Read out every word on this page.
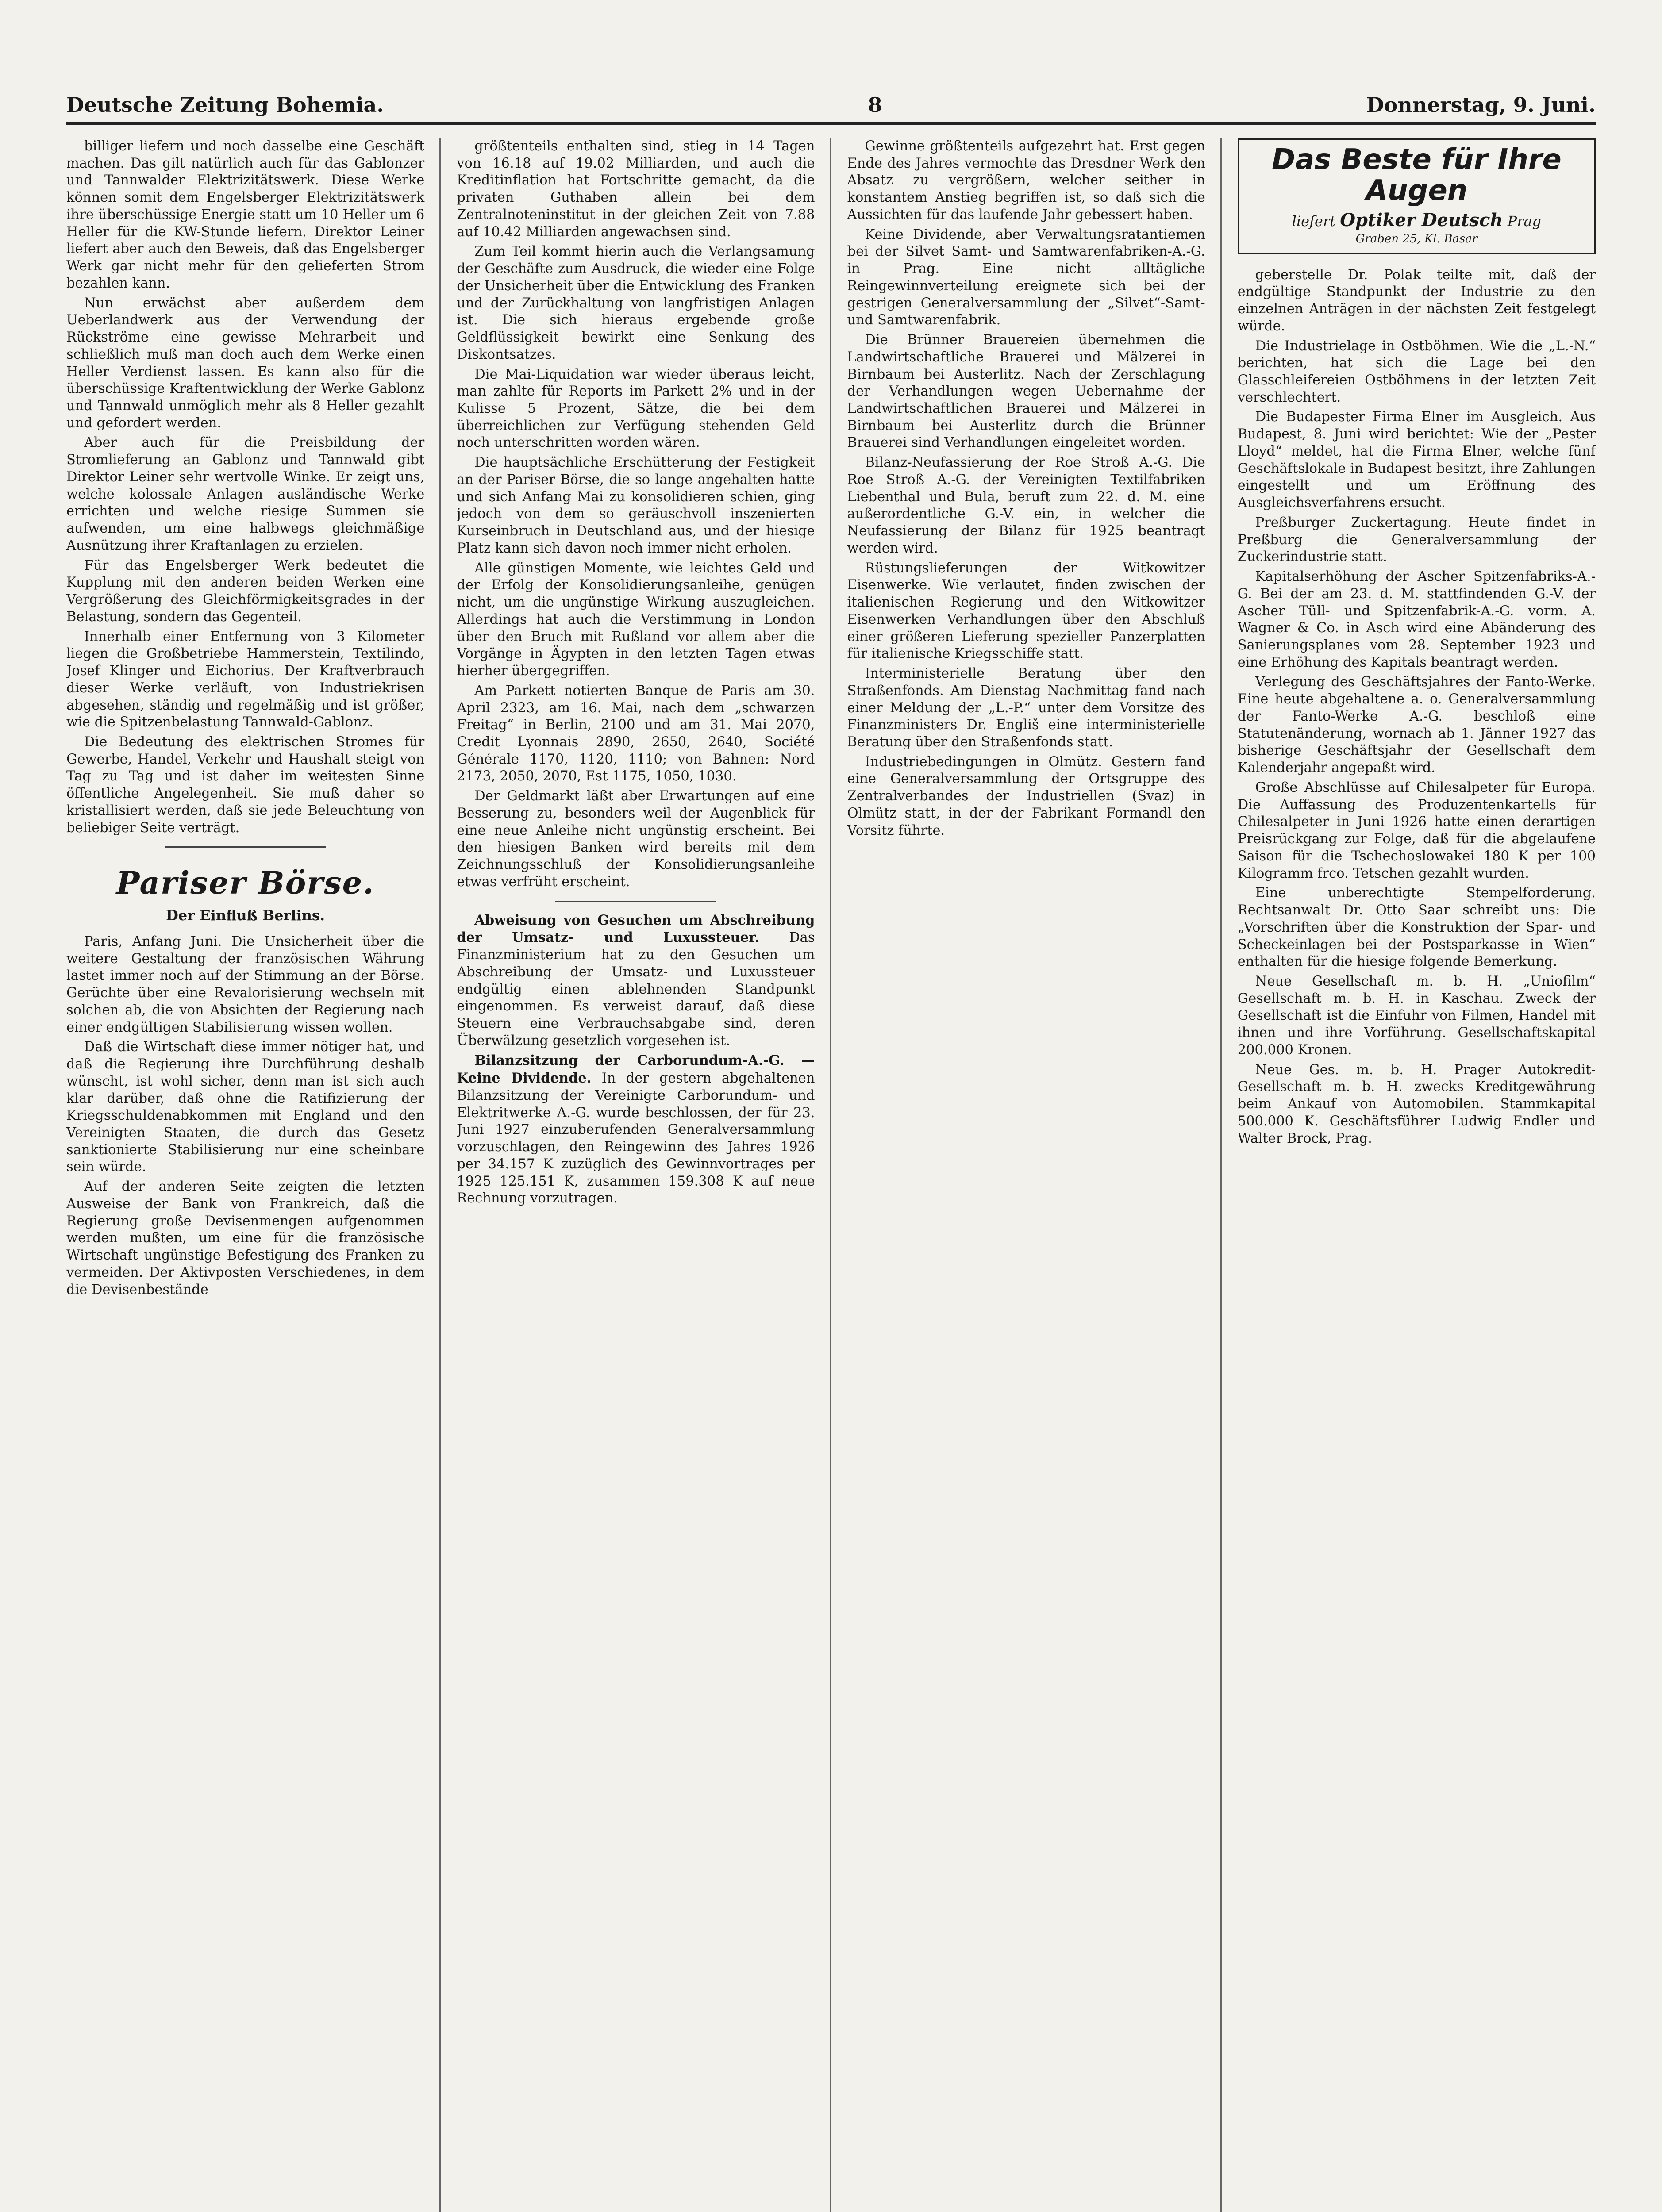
Deutsche Zeitung Bohemia.	8	Donnerstag, 9. Juni.

billiger liefern und noch dasselbe eine Geschäft machen. Das gilt natürlich auch für das Gablonzer und Tannwalder Elektrizitätswerk. Diese Werke können somit dem Engelsberger Elektrizitätswerk ihre überschüssige Energie statt um 10 Heller um 6 Heller für die KW-Stunde liefern. Direktor Leiner liefert aber auch den Beweis, daß das Engelsberger Werk gar nicht mehr für den gelieferten Strom bezahlen kann.

Nun erwächst aber außerdem dem Ueberlandwerk aus der Verwendung der Rückströme eine gewisse Mehrarbeit und schließlich muß man doch auch dem Werke einen Heller Verdienst lassen. Es kann also für die überschüssige Kraftentwicklung der Werke Gablonz und Tannwald unmöglich mehr als 8 Heller gezahlt und gefordert werden.

Aber auch für die Preisbildung der Stromlieferung an Gablonz und Tannwald gibt Direktor Leiner sehr wertvolle Winke. Er zeigt uns, welche kolossale Anlagen ausländische Werke errichten und welche riesige Summen sie aufwenden, um eine halbwegs gleichmäßige Ausnützung ihrer Kraftanlagen zu erzielen.

Für das Engelsberger Werk bedeutet die Kupplung mit den anderen beiden Werken eine Vergrößerung des Gleichförmigkeitsgrades in der Belastung, sondern das Gegenteil.

Innerhalb einer Entfernung von 3 Kilometer liegen die Großbetriebe Hammerstein, Textilindo, Josef Klinger und Eichorius. Der Kraftverbrauch dieser Werke verläuft, von Industriekrisen abgesehen, ständig und regelmäßig und ist größer, wie die Spitzenbelastung Tannwald-Gablonz.

Die Bedeutung des elektrischen Stromes für Gewerbe, Handel, Verkehr und Haushalt steigt von Tag zu Tag und ist daher im weitesten Sinne öffentliche Angelegenheit. Sie muß daher so kristallisiert werden, daß sie jede Beleuchtung von beliebiger Seite verträgt.

Pariser Börse.
Der Einfluß Berlins.

Paris, Anfang Juni. Die Unsicherheit über die weitere Gestaltung der französischen Währung lastet immer noch auf der Stimmung an der Börse. Gerüchte über eine Revalorisierung wechseln mit solchen ab, die von Absichten der Regierung nach einer endgültigen Stabilisierung wissen wollen.

Daß die Wirtschaft diese immer nötiger hat, und daß die Regierung ihre Durchführung deshalb wünscht, ist wohl sicher, denn man ist sich auch klar darüber, daß ohne die Ratifizierung der Kriegsschuldenabkommen mit England und den Vereinigten Staaten, die durch das Gesetz sanktionierte Stabilisierung nur eine scheinbare sein würde.

Auf der anderen Seite zeigten die letzten Ausweise der Bank von Frankreich, daß die Regierung große Devisenmengen aufgenommen werden mußten, um eine für die französische Wirtschaft ungünstige Befestigung des Franken zu vermeiden. Der Aktivposten Verschiedenes, in dem die Devisenbestände

größtenteils enthalten sind, stieg in 14 Tagen von 16.18 auf 19.02 Milliarden, und auch die Kreditinflation hat Fortschritte gemacht, da die privaten Guthaben allein bei dem Zentralnoteninstitut in der gleichen Zeit von 7.88 auf 10.42 Milliarden angewachsen sind.

Zum Teil kommt hierin auch die Verlangsamung der Geschäfte zum Ausdruck, die wieder eine Folge der Unsicherheit über die Entwicklung des Franken und der Zurückhaltung von langfristigen Anlagen ist. Die sich hieraus ergebende große Geldflüssigkeit bewirkt eine Senkung des Diskontsatzes.

Die Mai-Liquidation war wieder überaus leicht, man zahlte für Reports im Parkett 2% und in der Kulisse 5 Prozent, Sätze, die bei dem überreichlichen zur Verfügung stehenden Geld noch unterschritten worden wären.

Die hauptsächliche Erschütterung der Festigkeit an der Pariser Börse, die so lange angehalten hatte und sich Anfang Mai zu konsolidieren schien, ging jedoch von dem so geräuschvoll inszenierten Kurseinbruch in Deutschland aus, und der hiesige Platz kann sich davon noch immer nicht erholen.

Alle günstigen Momente, wie leichtes Geld und der Erfolg der Konsolidierungsanleihe, genügen nicht, um die ungünstige Wirkung auszugleichen. Allerdings hat auch die Verstimmung in London über den Bruch mit Rußland vor allem aber die Vorgänge in Ägypten in den letzten Tagen etwas hierher übergegriffen.

Am Parkett notierten Banque de Paris am 30. April 2323, am 16. Mai, nach dem „schwarzen Freitag“ in Berlin, 2100 und am 31. Mai 2070, Credit Lyonnais 2890, 2650, 2640, Société Générale 1170, 1120, 1110; von Bahnen: Nord 2173, 2050, 2070, Est 1175, 1050, 1030.

Der Geldmarkt läßt aber Erwartungen auf eine Besserung zu, besonders weil der Augenblick für eine neue Anleihe nicht ungünstig erscheint. Bei den hiesigen Banken wird bereits mit dem Zeichnungsschluß der Konsolidierungsanleihe etwas verfrüht erscheint.

Abweisung von Gesuchen um Abschreibung der Umsatz- und Luxussteuer. Das Finanzministerium hat zu den Gesuchen um Abschreibung der Umsatz- und Luxussteuer endgültig einen ablehnenden Standpunkt eingenommen. Es verweist darauf, daß diese Steuern eine Verbrauchsabgabe sind, deren Überwälzung gesetzlich vorgesehen ist.

Bilanzsitzung der Carborundum-A.-G. — Keine Dividende. In der gestern abgehaltenen Bilanzsitzung der Vereinigte Carborundum- und Elektritwerke A.-G. wurde beschlossen, der für 23. Juni 1927 einzuberufenden Generalversammlung vorzuschlagen, den Reingewinn des Jahres 1926 per 34.157 K zuzüglich des Gewinnvortrages per 1925 125.151 K, zusammen 159.308 K auf neue Rechnung vorzutragen.

Gewinne größtenteils aufgezehrt hat. Erst gegen Ende des Jahres vermochte das Dresdner Werk den Absatz zu vergrößern, welcher seither in konstantem Anstieg begriffen ist, so daß sich die Aussichten für das laufende Jahr gebessert haben.

Keine Dividende, aber Verwaltungsratantiemen bei der Silvet Samt- und Samtwarenfabriken-A.-G. in Prag. Eine nicht alltägliche Reingewinnverteilung ereignete sich bei der gestrigen Generalversammlung der „Silvet“-Samt- und Samtwarenfabrik.

Die Brünner Brauereien übernehmen die Landwirtschaftliche Brauerei und Mälzerei in Birnbaum bei Austerlitz. Nach der Zerschlagung der Verhandlungen wegen Uebernahme der Landwirtschaftlichen Brauerei und Mälzerei in Birnbaum bei Austerlitz durch die Brünner Brauerei sind Verhandlungen eingeleitet worden.

Bilanz-Neufassierung der Roe Stroß A.-G. Die Roe Stroß A.-G. der Vereinigten Textilfabriken Liebenthal und Bula, beruft zum 22. d. M. eine außerordentliche G.-V. ein, in welcher die Neufassierung der Bilanz für 1925 beantragt werden wird.

Rüstungslieferungen der Witkowitzer Eisenwerke. Wie verlautet, finden zwischen der italienischen Regierung und den Witkowitzer Eisenwerken Verhandlungen über den Abschluß einer größeren Lieferung spezieller Panzerplatten für italienische Kriegsschiffe statt.

Interministerielle Beratung über den Straßenfonds. Am Dienstag Nachmittag fand nach einer Meldung der „L.-P.“ unter dem Vorsitze des Finanzministers Dr. Engliš eine interministerielle Beratung über den Straßenfonds statt.

Industriebedingungen in Olmütz. Gestern fand eine Generalversammlung der Ortsgruppe des Zentralverbandes der Industriellen (Svaz) in Olmütz statt, in der der Fabrikant Formandl den Vorsitz führte.

Das Beste für Ihre Augen
liefert Optiker Deutsch Prag
Graben 25, Kl. Basar

geberstelle Dr. Polak teilte mit, daß der endgültige Standpunkt der Industrie zu den einzelnen Anträgen in der nächsten Zeit festgelegt würde.

Die Industrielage in Ostböhmen. Wie die „L.-N.“ berichten, hat sich die Lage bei den Glasschleifereien Ostböhmens in der letzten Zeit verschlechtert.

Die Budapester Firma Elner im Ausgleich. Aus Budapest, 8. Juni wird berichtet: Wie der „Pester Lloyd“ meldet, hat die Firma Elner, welche fünf Geschäftslokale in Budapest besitzt, ihre Zahlungen eingestellt und um Eröffnung des Ausgleichsverfahrens ersucht.

Preßburger Zuckertagung. Heute findet in Preßburg die Generalversammlung der Zuckerindustrie statt.

Kapitalserhöhung der Ascher Spitzenfabriks-A.-G. Bei der am 23. d. M. stattfindenden G.-V. der Ascher Tüll- und Spitzenfabrik-A.-G. vorm. A. Wagner & Co. in Asch wird eine Abänderung des Sanierungsplanes vom 28. September 1923 und eine Erhöhung des Kapitals beantragt werden.

Verlegung des Geschäftsjahres der Fanto-Werke. Eine heute abgehaltene a. o. Generalversammlung der Fanto-Werke A.-G. beschloß eine Statutenänderung, wornach ab 1. Jänner 1927 das bisherige Geschäftsjahr der Gesellschaft dem Kalenderjahr angepaßt wird.

Große Abschlüsse auf Chilesalpeter für Europa. Die Auffassung des Produzentenkartells für Chilesalpeter in Juni 1926 hatte einen derartigen Preisrückgang zur Folge, daß für die abgelaufene Saison für die Tschechoslowakei 180 K per 100 Kilogramm frco. Tetschen gezahlt wurden.

Eine unberechtigte Stempelforderung. Rechtsanwalt Dr. Otto Saar schreibt uns: Die „Vorschriften über die Konstruktion der Spar- und Scheckeinlagen bei der Postsparkasse in Wien“ enthalten für die hiesige folgende Bemerkung.

Neue Gesellschaft m. b. H. „Uniofilm“ Gesellschaft m. b. H. in Kaschau. Zweck der Gesellschaft ist die Einfuhr von Filmen, Handel mit ihnen und ihre Vorführung. Gesellschaftskapital 200.000 Kronen.

Neue Ges. m. b. H. Prager Autokredit-Gesellschaft m. b. H. zwecks Kreditgewährung beim Ankauf von Automobilen. Stammkapital 500.000 K. Geschäftsführer Ludwig Endler und Walter Brock, Prag.
